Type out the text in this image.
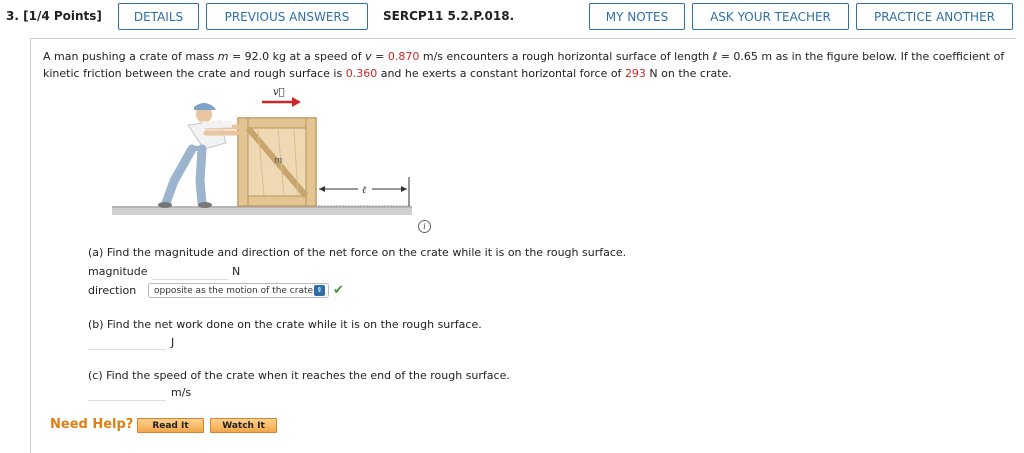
3. [1/4 Points]	DETAILS	PREVIOUS ANSWERS	SERCP11 5.2.P.018.	MY NOTES	ASK YOUR TEACHER	PRACTICE ANOTHER
A man pushing a crate of mass m = 92.0 kg at a speed of v = 0.870 m/s encounters a rough horizontal surface of length ℓ = 0.65 m as in the figure below. If the coefficient of kinetic friction between the crate and rough surface is 0.360 and he exerts a constant horizontal force of 293 N on the crate.
m
v⃗
ℓ
i
(a) Find the magnitude and direction of the net force on the crate while it is on the rough surface.
magnitude	N
direction	opposite as the motion of the crate ⇕ ✔
(b) Find the net work done on the crate while it is on the rough surface.
J
(c) Find the speed of the crate when it reaches the end of the rough surface.
m/s
Need Help?	Read It	Watch It
